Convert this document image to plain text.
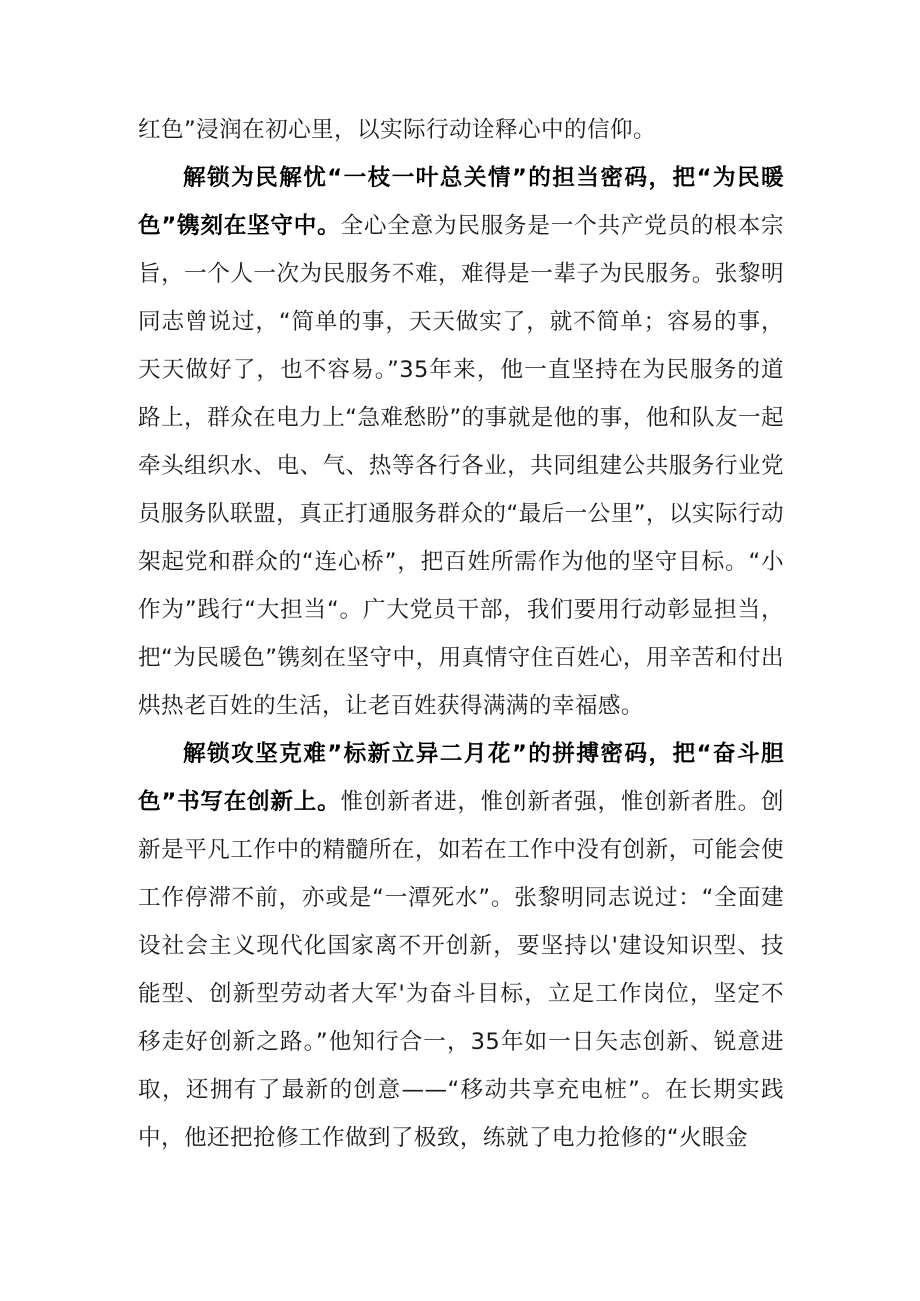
红色”浸润在初心里，以实际行动诠释心中的信仰。

解锁为民解忧“一枝一叶总关情”的担当密码，把“为民暖色”镌刻在坚守中。全心全意为民服务是一个共产党员的根本宗旨，一个人一次为民服务不难，难得是一辈子为民服务。张黎明同志曾说过，“简单的事，天天做实了，就不简单；容易的事，天天做好了，也不容易。”35年来，他一直坚持在为民服务的道路上，群众在电力上“急难愁盼”的事就是他的事，他和队友一起牵头组织水、电、气、热等各行各业，共同组建公共服务行业党员服务队联盟，真正打通服务群众的“最后一公里”，以实际行动架起党和群众的“连心桥”，把百姓所需作为他的坚守目标。“小作为”践行“大担当“。广大党员干部，我们要用行动彰显担当，把“为民暖色”镌刻在坚守中，用真情守住百姓心，用辛苦和付出烘热老百姓的生活，让老百姓获得满满的幸福感。

解锁攻坚克难”标新立异二月花”的拼搏密码，把“奋斗胆色”书写在创新上。惟创新者进，惟创新者强，惟创新者胜。创新是平凡工作中的精髓所在，如若在工作中没有创新，可能会使工作停滞不前，亦或是“一潭死水”。张黎明同志说过：“全面建设社会主义现代化国家离不开创新，要坚持以'建设知识型、技能型、创新型劳动者大军'为奋斗目标，立足工作岗位，坚定不移走好创新之路。”他知行合一，35年如一日矢志创新、锐意进取，还拥有了最新的创意——“移动共享充电桩”。在长期实践中，他还把抢修工作做到了极致，练就了电力抢修的“火眼金
